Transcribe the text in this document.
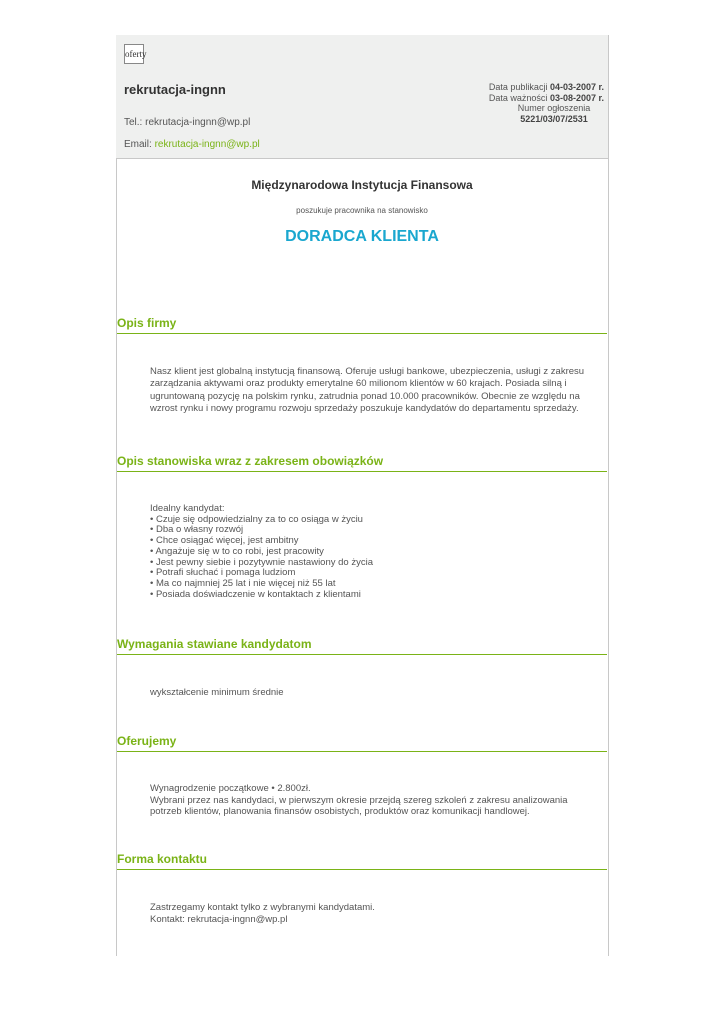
oferty
rekrutacja-ingnn
Tel.: rekrutacja-ingnn@wp.pl
Email: rekrutacja-ingnn@wp.pl
Data publikacji 04-03-2007 r.
Data ważności 03-08-2007 r.
Numer ogłoszenia
5221/03/07/2531
Międzynarodowa Instytucja Finansowa
poszukuje pracownika na stanowisko
DORADCA KLIENTA
Opis firmy
Nasz klient jest globalną instytucją finansową. Oferuje usługi bankowe, ubezpieczenia, usługi z zakresu
zarządzania aktywami oraz produkty emerytalne 60 milionom klientów w 60 krajach. Posiada silną i
ugruntowaną pozycję na polskim rynku, zatrudnia ponad 10.000 pracowników. Obecnie ze względu na
wzrost rynku i nowy programu rozwoju sprzedaży poszukuje kandydatów do departamentu sprzedaży.
Opis stanowiska wraz z zakresem obowiązków
Idealny kandydat:
• Czuje się odpowiedzialny za to co osiąga w życiu
• Dba o własny rozwój
• Chce osiągać więcej, jest ambitny
• Angażuje się w to co robi, jest pracowity
• Jest pewny siebie i pozytywnie nastawiony do życia
• Potrafi słuchać i pomaga ludziom
• Ma co najmniej 25 lat i nie więcej niż 55 lat
• Posiada doświadczenie w kontaktach z klientami
Wymagania stawiane kandydatom
wykształcenie minimum średnie
Oferujemy
Wynagrodzenie początkowe • 2.800zł.
Wybrani przez nas kandydaci, w pierwszym okresie przejdą szereg szkoleń z zakresu analizowania
potrzeb klientów, planowania finansów osobistych, produktów oraz komunikacji handlowej.
Forma kontaktu
Zastrzegamy kontakt tylko z wybranymi kandydatami.
Kontakt: rekrutacja-ingnn@wp.pl
